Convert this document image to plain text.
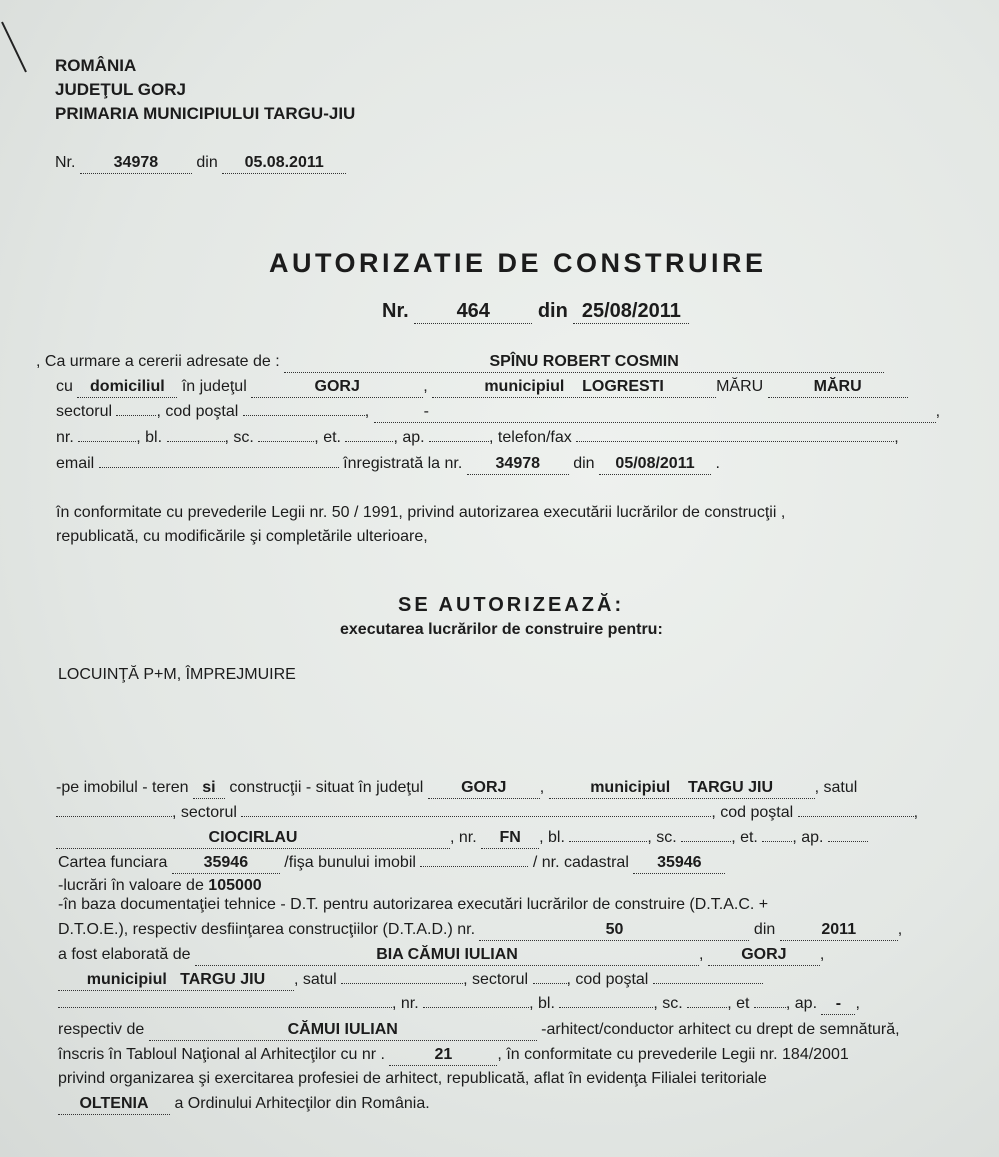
ROMÂNIA
JUDEŢUL GORJ
PRIMARIA MUNICIPIULUI TARGU-JIU
Nr. 34978 din 05.08.2011
AUTORIZATIE DE CONSTRUIRE
Nr. 464 din 25/08/2011
, Ca urmare a cererii adresate de :	SPÎNU ROBERT COSMIN
cu domiciliul în judeţul	GORJ	,	municipiul LOGRESTI	MĂRU	MĂRU
sectorul	, cod poştal	,	-	,
nr.	, bl.	, sc.	, et.	, ap.	, telefon/fax	,
email	înregistrată la nr. 34978 din 05/08/2011 .
în conformitate cu prevederile Legii nr. 50 / 1991, privind autorizarea executării lucrărilor de construcţii ,
republicată, cu modificările şi completările ulterioare,
SE AUTORIZEAZĂ:
executarea lucrărilor de construire pentru:
LOCUINŢĂ P+M, ÎMPREJMUIRE
-pe imobilul - teren si construcţii - situat în judeţul GORJ ,	municipiul TARGU JIU	, satul
, sectorul	, cod poştal	,
CIOCIRLAU	, nr. FN , bl.	, sc.	, et. , ap.
Cartea funciara 35946 /fişa bunului imobil	/ nr. cadastral 35946
-lucrări în valoare de 105000
-în baza documentaţiei tehnice - D.T. pentru autorizarea executări lucrărilor de construire (D.T.A.C. +
D.T.O.E.), respectiv desfiinţarea construcţiilor (D.T.A.D.) nr.	50	din	2011	,
a fost elaborată de	BIA CĂMUI IULIAN	, GORJ ,
municipiul TARGU JIU , satul	, sectorul , cod poştal
, nr.	, bl.	, sc.	, et , ap. - ,
respectiv de	CĂMUI IULIAN	-arhitect/conductor arhitect cu drept de semnătură,
înscris în Tabloul Naţional al Arhitecţilor cu nr .	21	, în conformitate cu prevederile Legii nr. 184/2001
privind organizarea şi exercitarea profesiei de arhitect, republicată, aflat în evidenţa Filialei teritoriale
OLTENIA a Ordinului Arhitecţilor din România.
